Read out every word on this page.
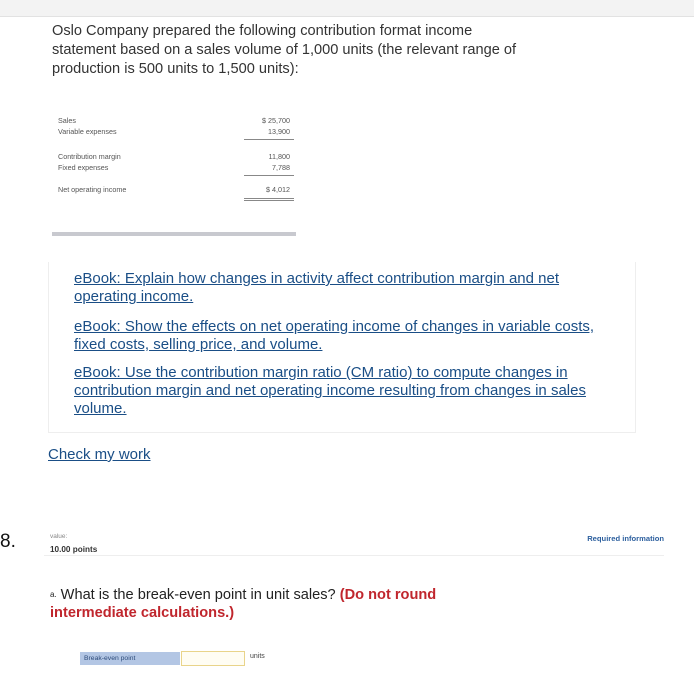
Oslo Company prepared the following contribution format income statement based on a sales volume of 1,000 units (the relevant range of production is 500 units to 1,500 units):
Sales	$ 25,700
Variable expenses	13,900
Contribution margin	11,800
Fixed expenses	7,788
Net operating income	$ 4,012
eBook: Explain how changes in activity affect contribution margin and net operating income.
eBook: Show the effects on net operating income of changes in variable costs, fixed costs, selling price, and volume.
eBook: Use the contribution margin ratio (CM ratio) to compute changes in contribution margin and net operating income resulting from changes in sales volume.
Check my work
8.	value:
10.00 points
Required information
$^{a.}$ What is the break-even point in unit sales? (Do not round intermediate calculations.)
Break-even point	units
